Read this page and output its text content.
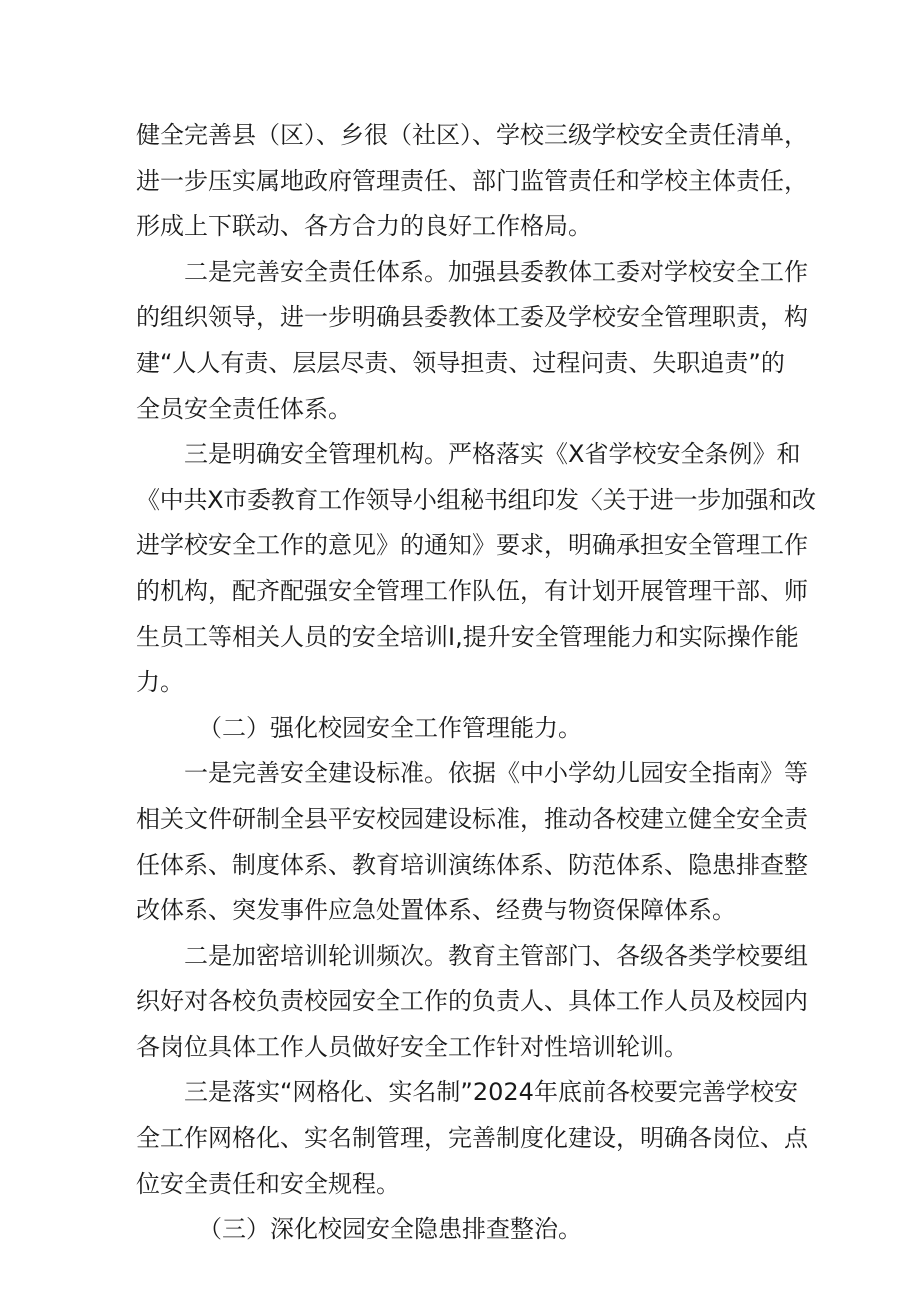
健全完善县（区）、乡很（社区）、学校三级学校安全责任清单，
进一步压实属地政府管理责任、部门监管责任和学校主体责任，
形成上下联动、各方合力的良好工作格局。
二是完善安全责任体系。加强县委教体工委对学校安全工作
的组织领导，进一步明确县委教体工委及学校安全管理职责，构
建“人人有责、层层尽责、领导担责、过程问责、失职追责”的
全员安全责任体系。
三是明确安全管理机构。严格落实《X省学校安全条例》和
《中共X市委教育工作领导小组秘书组印发〈关于进一步加强和改
进学校安全工作的意见》的通知》要求，明确承担安全管理工作
的机构，配齐配强安全管理工作队伍，有计划开展管理干部、师
生员工等相关人员的安全培训I,提升安全管理能力和实际操作能
力。
（二）强化校园安全工作管理能力。
一是完善安全建设标准。依据《中小学幼儿园安全指南》等
相关文件研制全县平安校园建设标准，推动各校建立健全安全责
任体系、制度体系、教育培训演练体系、防范体系、隐患排查整
改体系、突发事件应急处置体系、经费与物资保障体系。
二是加密培训轮训频次。教育主管部门、各级各类学校要组
织好对各校负责校园安全工作的负责人、具体工作人员及校园内
各岗位具体工作人员做好安全工作针对性培训轮训。
三是落实“网格化、实名制”2024年底前各校要完善学校安
全工作网格化、实名制管理，完善制度化建设，明确各岗位、点
位安全责任和安全规程。
（三）深化校园安全隐患排查整治。
